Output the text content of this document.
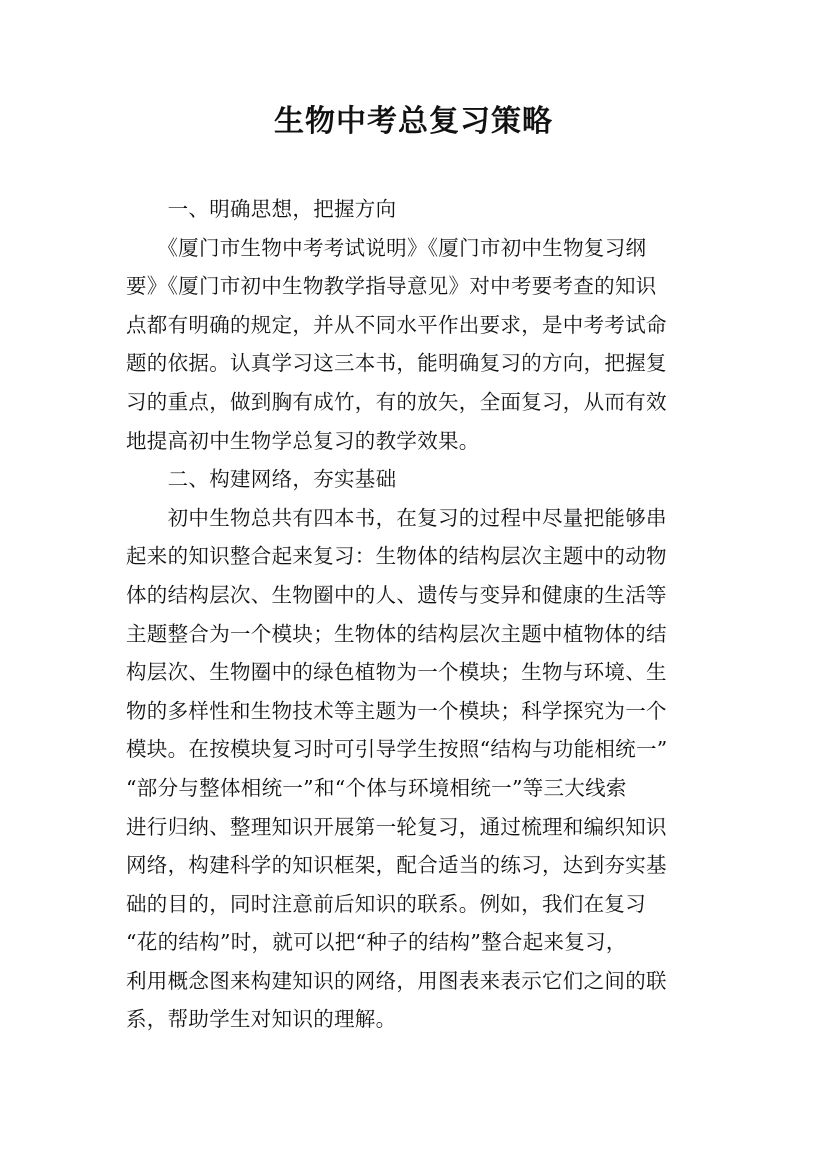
生物中考总复习策略
　　一、明确思想，把握方向
　　《厦门市生物中考考试说明》《厦门市初中生物复习纲
要》《厦门市初中生物教学指导意见》对中考要考查的知识
点都有明确的规定，并从不同水平作出要求，是中考考试命
题的依据。认真学习这三本书，能明确复习的方向，把握复
习的重点，做到胸有成竹，有的放矢，全面复习，从而有效
地提高初中生物学总复习的教学效果。
　　二、构建网络，夯实基础
　　初中生物总共有四本书，在复习的过程中尽量把能够串
起来的知识整合起来复习：生物体的结构层次主题中的动物
体的结构层次、生物圈中的人、遗传与变异和健康的生活等
主题整合为一个模块；生物体的结构层次主题中植物体的结
构层次、生物圈中的绿色植物为一个模块；生物与环境、生
物的多样性和生物技术等主题为一个模块；科学探究为一个
模块。在按模块复习时可引导学生按照“结构与功能相统一”
“部分与整体相统一”和“个体与环境相统一”等三大线索
进行归纳、整理知识开展第一轮复习，通过梳理和编织知识
网络，构建科学的知识框架，配合适当的练习，达到夯实基
础的目的，同时注意前后知识的联系。例如，我们在复习
“花的结构”时，就可以把“种子的结构”整合起来复习，
利用概念图来构建知识的网络，用图表来表示它们之间的联
系，帮助学生对知识的理解。
